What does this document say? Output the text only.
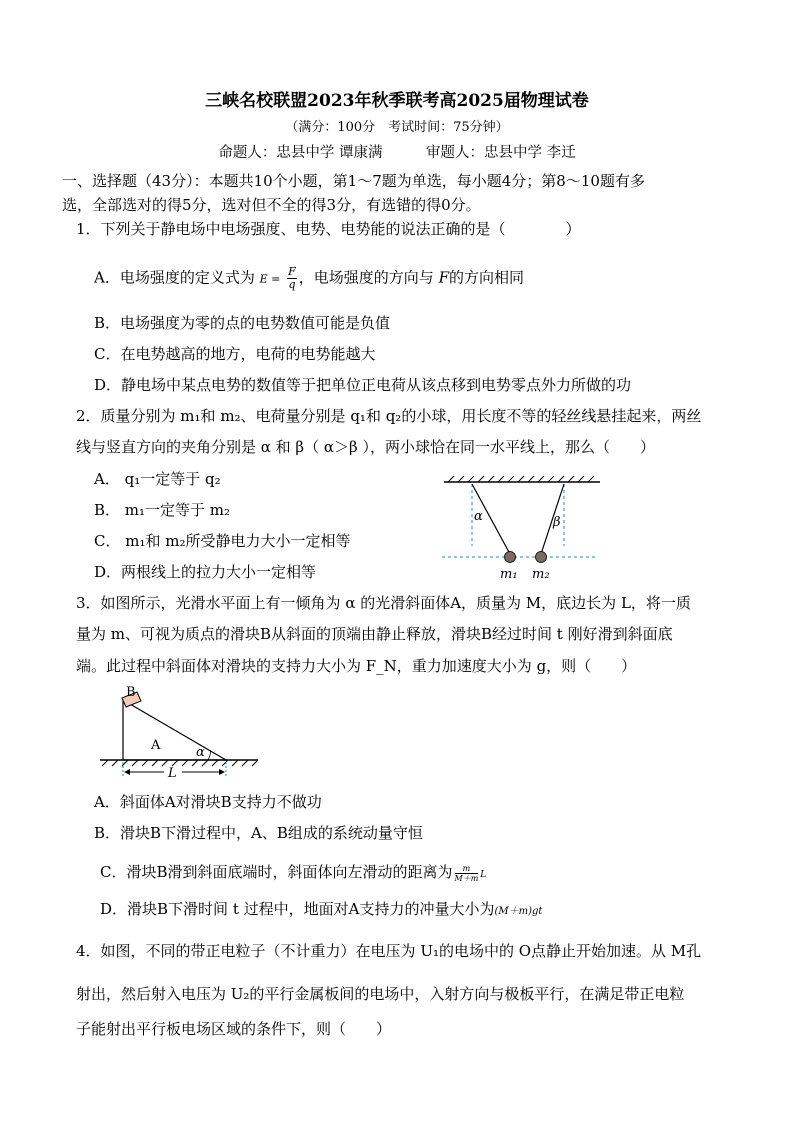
三峡名校联盟2023年秋季联考高2025届物理试卷
（满分：100分　考试时间：75分钟）
命题人：忠县中学 谭康满　　　审题人：忠县中学 李迁
一、选择题（43分）：本题共10个小题，第1～7题为单选，每小题4分；第8～10题有多
选，全部选对的得5分，选对但不全的得3分，有选错的得0分。
1．下列关于静电场中电场强度、电势、电势能的说法正确的是（　　　　）
A．电场强度的定义式为 $E = \frac{F}{q}$ ，电场强度的方向与 F的方向相同
B．电场强度为零的点的电势数值可能是负值
C．在电势越高的地方，电荷的电势能越大
D．静电场中某点电势的数值等于把单位正电荷从该点移到电势零点外力所做的功
2．质量分别为 m₁和 m₂、电荷量分别是 q₁和 q₂的小球，用长度不等的轻丝线悬挂起来，两丝
线与竖直方向的夹角分别是 α 和 β（ α＞β ），两小球恰在同一水平线上，那么（　　）
A． q₁一定等于 q₂
B． m₁一定等于 m₂
C． m₁和 m₂所受静电力大小一定相等
D．两根线上的拉力大小一定相等
α	β
m₁ m₂
3．如图所示，光滑水平面上有一倾角为 α 的光滑斜面体A，质量为 M，底边长为 L，将一质
量为 m、可视为质点的滑块B从斜面的顶端由静止释放，滑块B经过时间 t 刚好滑到斜面底
端。此过程中斜面体对滑块的支持力大小为 F_N，重力加速度大小为 g，则（　　）
B
A	α
L
A．斜面体A对滑块B支持力不做功
B．滑块B下滑过程中，A、B组成的系统动量守恒
C．滑块B滑到斜面底端时，斜面体向左滑动的距离为 $\frac{m}{M+m}$ L
D．滑块B下滑时间 t 过程中，地面对A支持力的冲量大小为(M＋m)gt
4．如图，不同的带正电粒子（不计重力）在电压为 U₁的电场中的 O点静止开始加速。从 M孔
射出，然后射入电压为 U₂的平行金属板间的电场中，入射方向与极板平行，在满足带正电粒
子能射出平行板电场区域的条件下，则（　　）
